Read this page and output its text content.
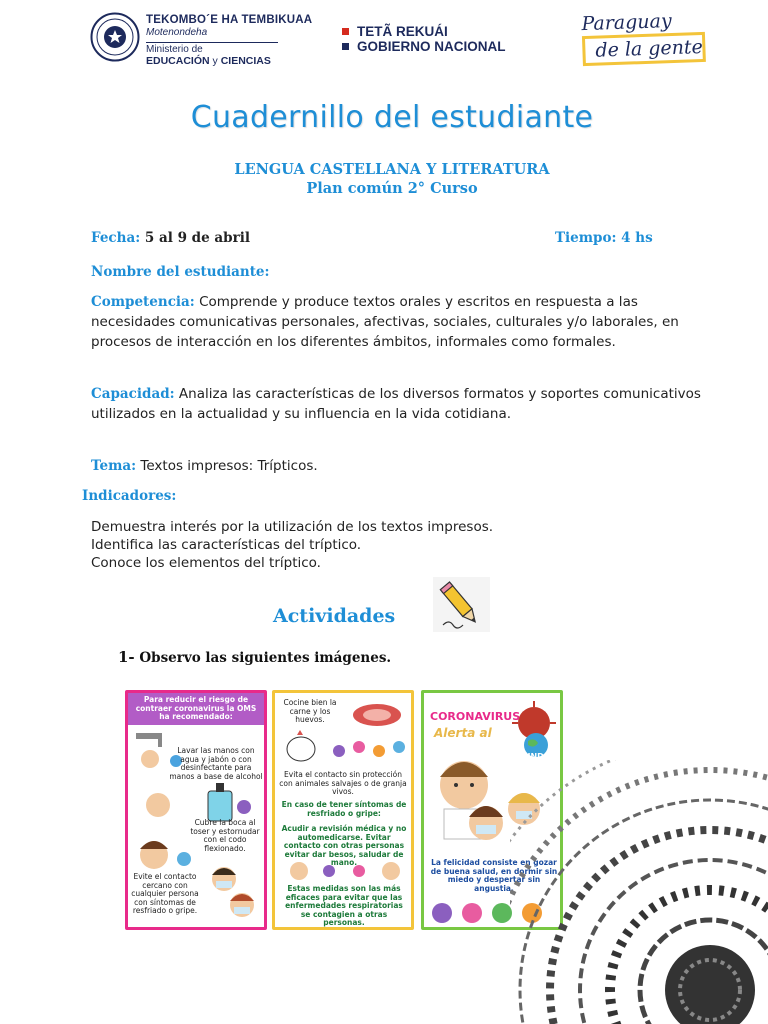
TEKOMBO´E HA TEMBIKUAA
Motenondeha
Ministerio de
EDUCACIÓN y CIENCIAS
TETÃ REKUÁI
GOBIERNO NACIONAL
Paraguay
de la gente
Cuadernillo del estudiante
LENGUA CASTELLANA Y LITERATURA
Plan común 2° Curso
Fecha: 5 al 9 de abril	Tiempo: 4 hs
Nombre del estudiante:
Competencia: Comprende y produce textos orales y escritos en respuesta a las necesidades comunicativas personales, afectivas, sociales, culturales y/o laborales, en procesos de interacción en los diferentes ámbitos, informales como formales.
Capacidad: Analiza las características de los diversos formatos y soportes comunicativos utilizados en la actualidad y su influencia en la vida cotidiana.
Tema: Textos impresos: Trípticos.
Indicadores:
Demuestra interés por la utilización de los textos impresos.
Identifica las características del tríptico.
Conoce los elementos del tríptico.
Actividades
1- Observo las siguientes imágenes.
Para reducir el riesgo de contraer coronavirus la OMS ha recomendado:

Lavar las manos con agua y jabón o con desinfectante para manos a base de alcohol

Cubre la boca al toser y estornudar con el codo flexionado.
Evite el contacto cercano con cualquier persona con síntomas de resfriado o gripe.
Cocine bien la carne y los huevos.
Evita el contacto sin protección con animales salvajes o de granja vivos.
En caso de tener síntomas de resfriado o gripe:
Acudir a revisión médica y no automedicarse. Evitar contacto con otras personas evitar dar besos, saludar de mano.
Estas medidas son las más eficaces para evitar que las enfermedades respiratorias se contagien a otras personas.
CORONAVIRUS
Alerta al
MUNDO
La felicidad consiste en gozar de buena salud, en dormir sin miedo y despertar sin angustia.
